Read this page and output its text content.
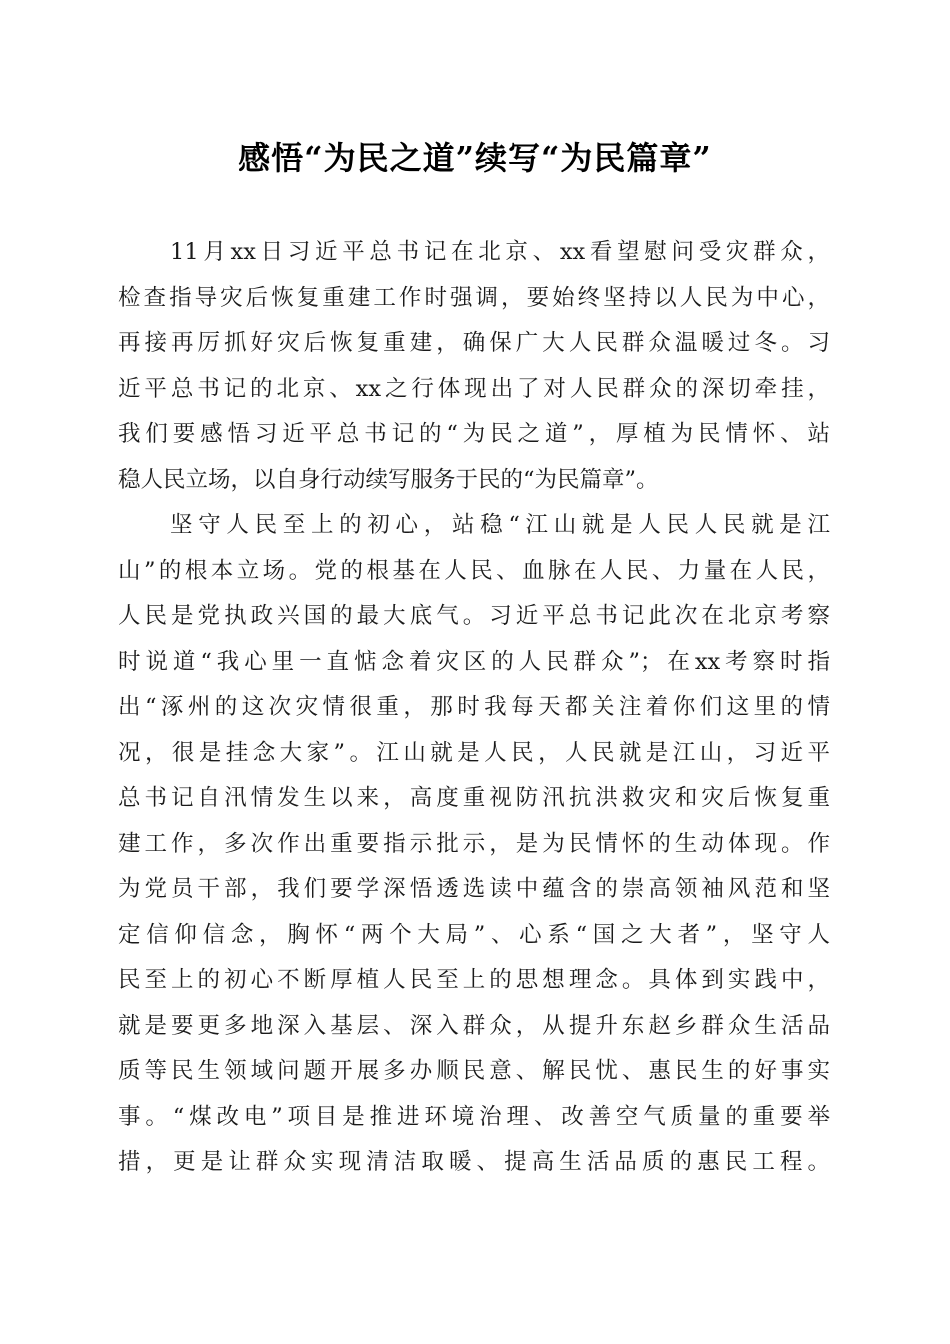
感悟“为民之道”续写“为民篇章”
11月xx日习近平总书记在北京、xx看望慰问受灾群众，
检查指导灾后恢复重建工作时强调，要始终坚持以人民为中心，
再接再厉抓好灾后恢复重建，确保广大人民群众温暖过冬。习
近平总书记的北京、xx之行体现出了对人民群众的深切牵挂，
我们要感悟习近平总书记的“为民之道”，厚植为民情怀、站
稳人民立场，以自身行动续写服务于民的“为民篇章”。
坚守人民至上的初心，站稳“江山就是人民人民就是江
山”的根本立场。党的根基在人民、血脉在人民、力量在人民，
人民是党执政兴国的最大底气。习近平总书记此次在北京考察
时说道“我心里一直惦念着灾区的人民群众”；在xx考察时指
出“涿州的这次灾情很重，那时我每天都关注着你们这里的情
况，很是挂念大家”。江山就是人民，人民就是江山，习近平
总书记自汛情发生以来，高度重视防汛抗洪救灾和灾后恢复重
建工作，多次作出重要指示批示，是为民情怀的生动体现。作
为党员干部，我们要学深悟透选读中蕴含的崇高领袖风范和坚
定信仰信念，胸怀“两个大局”、心系“国之大者”，坚守人
民至上的初心不断厚植人民至上的思想理念。具体到实践中，
就是要更多地深入基层、深入群众，从提升东赵乡群众生活品
质等民生领域问题开展多办顺民意、解民忧、惠民生的好事实
事。“煤改电”项目是推进环境治理、改善空气质量的重要举
措，更是让群众实现清洁取暖、提高生活品质的惠民工程。
